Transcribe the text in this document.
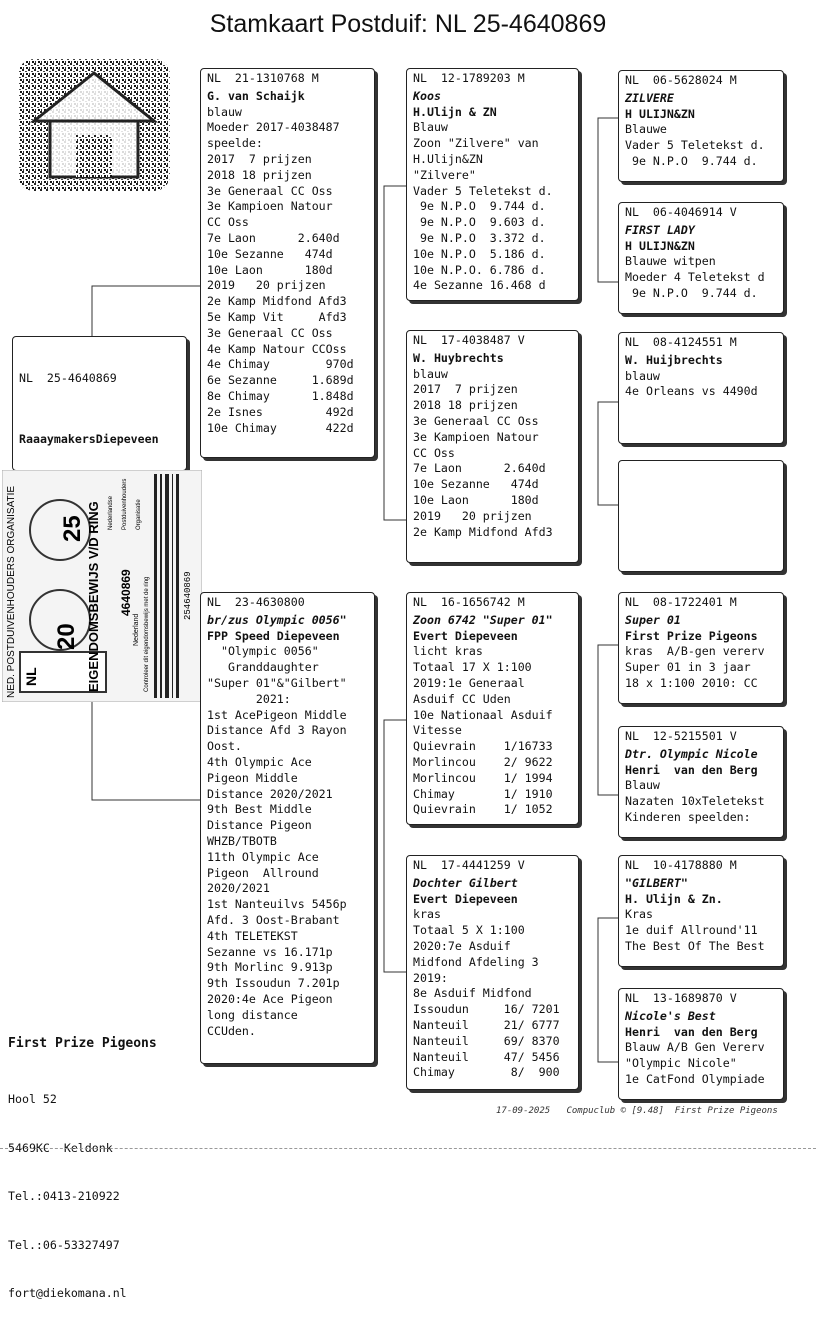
Stamkaart Postduif: NL 25-4640869

NL  25-4640869

RaaaymakersDiepeveen

NED. POSTDUIVENHOUDERS ORGANISATIE	EIGENDOMSBEWIJS V/D RING
25
20
NL
4640869
Nederland Controleer dit eigendomsbewijs met de ring	254640869
Nederlandse Postduivenhouders Organisatie
NL  21-1310768 M
G. van Schaijk
blauw
Moeder 2017-4038487
speelde:
2017  7 prijzen
2018 18 prijzen
3e Generaal CC Oss
3e Kampioen Natour
CC Oss
7e Laon      2.640d
10e Sezanne   474d
10e Laon      180d
2019   20 prijzen
2e Kamp Midfond Afd3
5e Kamp Vit     Afd3
3e Generaal CC Oss
4e Kamp Natour CCOss
4e Chimay        970d
6e Sezanne     1.689d
8e Chimay      1.848d
2e Isnes         492d
10e Chimay       422d
NL  12-1789203 M
Koos
H.Ulijn & ZN
Blauw
Zoon "Zilvere" van
H.Ulijn&ZN
"Zilvere"
Vader 5 Teletekst d.
9e N.P.O  9.744 d.
9e N.P.O  9.603 d.
9e N.P.O  3.372 d.
10e N.P.O  5.186 d.
10e N.P.O. 6.786 d.
4e Sezanne 16.468 d
NL  06-5628024 M
ZILVERE
H ULIJN&ZN
Blauwe
Vader 5 Teletekst d.
9e N.P.O  9.744 d.
NL  06-4046914 V
FIRST LADY
H ULIJN&ZN
Blauwe witpen
Moeder 4 Teletekst d
9e N.P.O  9.744 d.
NL  17-4038487 V
W. Huybrechts
blauw
2017  7 prijzen
2018 18 prijzen
3e Generaal CC Oss
3e Kampioen Natour
CC Oss
7e Laon      2.640d
10e Sezanne   474d
10e Laon      180d
2019   20 prijzen
2e Kamp Midfond Afd3
NL  08-4124551 M
W. Huijbrechts
blauw
4e Orleans vs 4490d
NL  23-4630800
br/zus Olympic 0056"
FPP Speed Diepeveen
"Olympic 0056"
Granddaughter
"Super 01"&"Gilbert"
2021:
1st AcePigeon Middle
Distance Afd 3 Rayon
Oost.
4th Olympic Ace
Pigeon Middle
Distance 2020/2021
9th Best Middle
Distance Pigeon
WHZB/TBOTB
11th Olympic Ace
Pigeon  Allround
2020/2021
1st Nanteuilvs 5456p
Afd. 3 Oost-Brabant
4th TELETEKST
Sezanne vs 16.171p
9th Morlinc 9.913p
9th Issoudun 7.201p
2020:4e Ace Pigeon
long distance
CCUden.
NL  16-1656742 M
Zoon 6742 "Super 01"
Evert Diepeveen
licht kras
Totaal 17 X 1:100
2019:1e Generaal
Asduif CC Uden
10e Nationaal Asduif
Vitesse
Quievrain    1/16733
Morlincou    2/ 9622
Morlincou    1/ 1994
Chimay       1/ 1910
Quievrain    1/ 1052
NL  08-1722401 M
Super 01
First Prize Pigeons
kras  A/B-gen vererv
Super 01 in 3 jaar
18 x 1:100 2010: CC
NL  12-5215501 V
Dtr. Olympic Nicole
Henri  van den Berg
Blauw
Nazaten 10xTeletekst
Kinderen speelden:
NL  17-4441259 V
Dochter Gilbert
Evert Diepeveen
kras
Totaal 5 X 1:100
2020:7e Asduif
Midfond Afdeling 3
2019:
8e Asduif Midfond
Issoudun     16/ 7201
Nanteuil     21/ 6777
Nanteuil     69/ 8370
Nanteuil     47/ 5456
Chimay        8/  900
NL  10-4178880 M
"GILBERT"
H. Ulijn & Zn.
Kras
1e duif Allround'11
The Best Of The Best
NL  13-1689870 V
Nicole's Best
Henri  van den Berg
Blauw A/B Gen Vererv
"Olympic Nicole"
1e CatFond Olympiade

First Prize Pigeons

Hool 52

5469KC  Keldonk

Tel.:0413-210922

Tel.:06-53327497

fort@diekomana.nl

17-09-2025   Compuclub © [9.48]  First Prize Pigeons
